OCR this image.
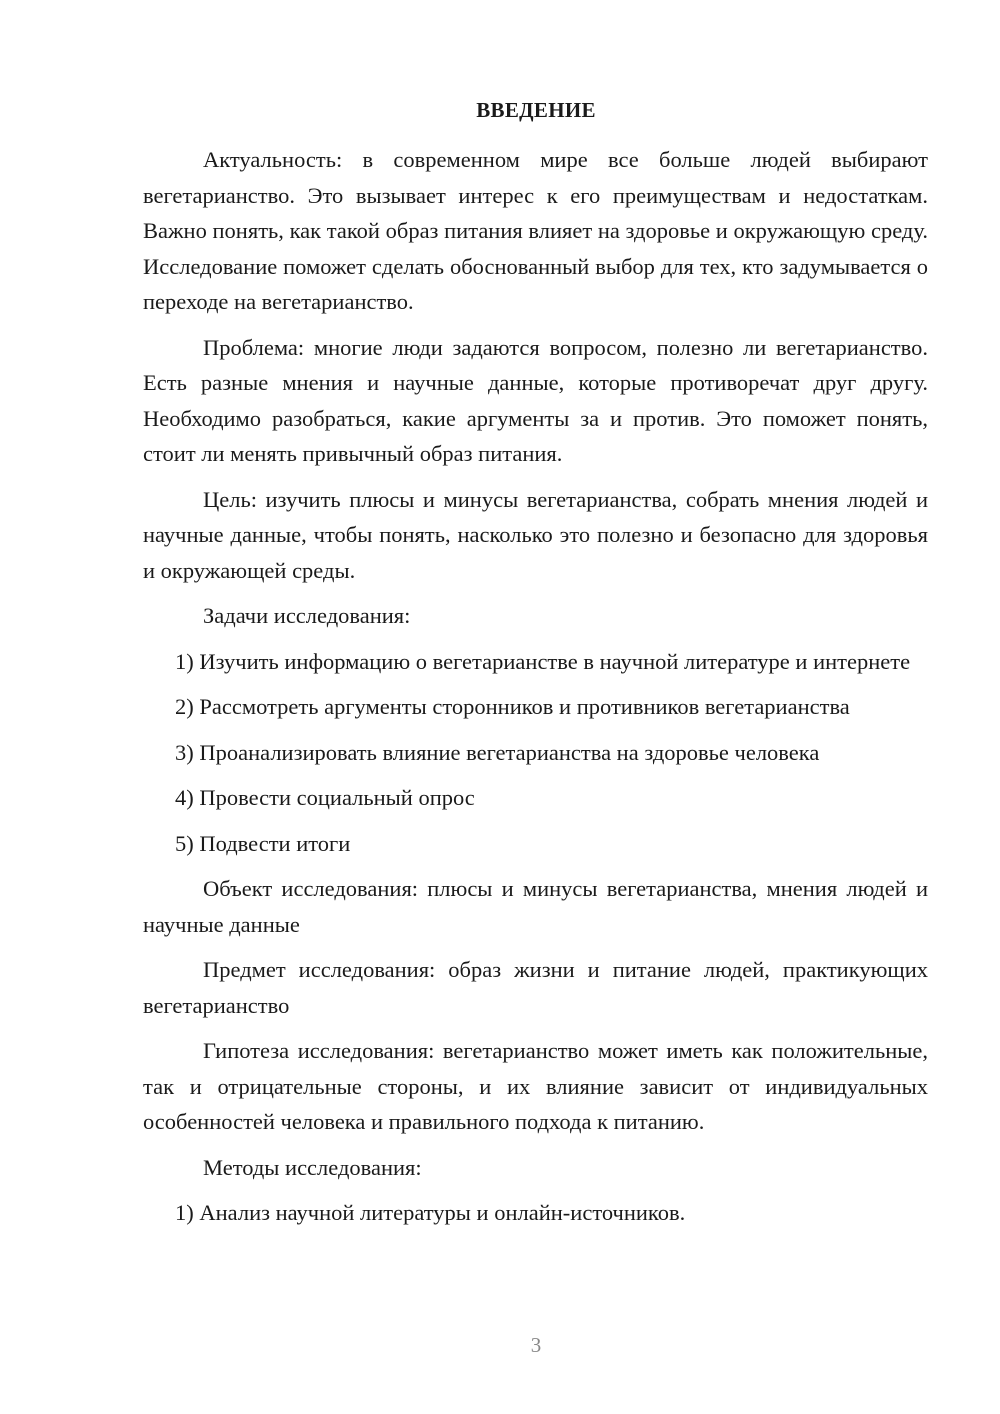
ВВЕДЕНИЕ

Актуальность: в современном мире все больше людей выбирают вегетарианство. Это вызывает интерес к его преимуществам и недостаткам. Важно понять, как такой образ питания влияет на здоровье и окружающую среду. Исследование поможет сделать обоснованный выбор для тех, кто задумывается о переходе на вегетарианство.

Проблема: многие люди задаются вопросом, полезно ли вегетарианство. Есть разные мнения и научные данные, которые противоречат друг другу. Необходимо разобраться, какие аргументы за и против. Это поможет понять, стоит ли менять привычный образ питания.

Цель: изучить плюсы и минусы вегетарианства, собрать мнения людей и научные данные, чтобы понять, насколько это полезно и безопасно для здоровья и окружающей среды.

Задачи исследования:

1) Изучить информацию о вегетарианстве в научной литературе и интернете

2) Рассмотреть аргументы сторонников и противников вегетарианства

3) Проанализировать влияние вегетарианства на здоровье человека

4) Провести социальный опрос

5) Подвести итоги

Объект исследования: плюсы и минусы вегетарианства, мнения людей и научные данные

Предмет исследования: образ жизни и питание людей, практикующих вегетарианство

Гипотеза исследования: вегетарианство может иметь как положительные, так и отрицательные стороны, и их влияние зависит от индивидуальных особенностей человека и правильного подхода к питанию.

Методы исследования:

1) Анализ научной литературы и онлайн-источников.

3
